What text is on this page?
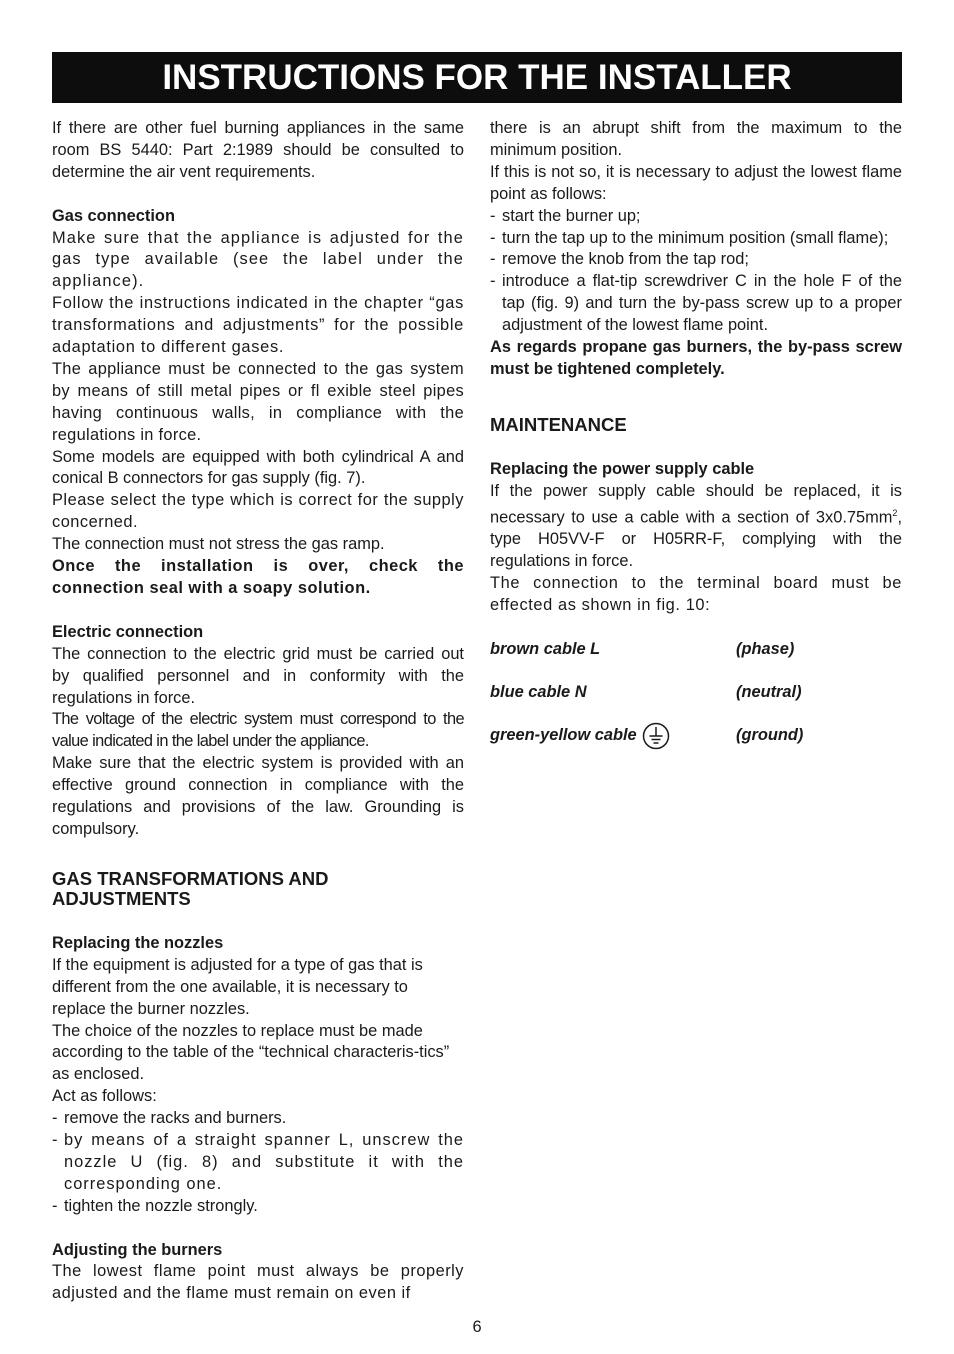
INSTRUCTIONS FOR THE INSTALLER

If there are other fuel burning appliances in the same room BS 5440: Part 2:1989 should be consulted to determine the air vent requirements.

Gas connection

Make sure that the appliance is adjusted for the gas type available (see the label under the appliance).

Follow the instructions indicated in the chapter “gas transformations and adjustments” for the possible adaptation to different gases.

The appliance must be connected to the gas system by means of still metal pipes or fl exible steel pipes having continuous walls, in compliance with the regulations in force.

Some models are equipped with both cylindrical A and conical B connectors for gas supply (fig. 7).

Please select the type which is correct for the supply concerned.

The connection must not stress the gas ramp.

Once the installation is over, check the connection seal with a soapy solution.

Electric connection

The connection to the electric grid must be carried out by qualified personnel and in conformity with the regulations in force.

The voltage of the electric system must correspond to the value indicated in the label under the appliance.

Make sure that the electric system is provided with an effective ground connection in compliance with the regulations and provisions of the law. Grounding is compulsory.

GAS TRANSFORMATIONS AND
ADJUSTMENTS
Replacing the nozzles

If the equipment is adjusted for a type of gas that is different from the one available, it is necessary to replace the burner nozzles.

The choice of the nozzles to replace must be made according to the table of the “technical characteris-tics” as enclosed.

Act as follows:

- remove the racks and burners.
- by means of a straight spanner L, unscrew the nozzle U (fig. 8) and substitute it with the corresponding one.
- tighten the nozzle strongly.
Adjusting the burners

The lowest flame point must always be properly adjusted and the flame must remain on even if

there is an abrupt shift from the maximum to the minimum position.

If this is not so, it is necessary to adjust the lowest flame point as follows:

- start the burner up;
- turn the tap up to the minimum position (small flame);
- remove the knob from the tap rod;
- introduce a flat-tip screwdriver C in the hole F of the tap (fig. 9) and turn the by-pass screw up to a proper adjustment of the lowest flame point.

As regards propane gas burners, the by-pass screw must be tightened completely.

MAINTENANCE
Replacing the power supply cable

If the power supply cable should be replaced, it is necessary to use a cable with a section of $3x0.75mm^2$, type H05VV-F or H05RR-F, complying with the regulations in force.

The connection to the terminal board must be effected as shown in fig. 10:

brown cable L	(phase)
blue cable N	(neutral)
green-yellow cable	(ground)
6
